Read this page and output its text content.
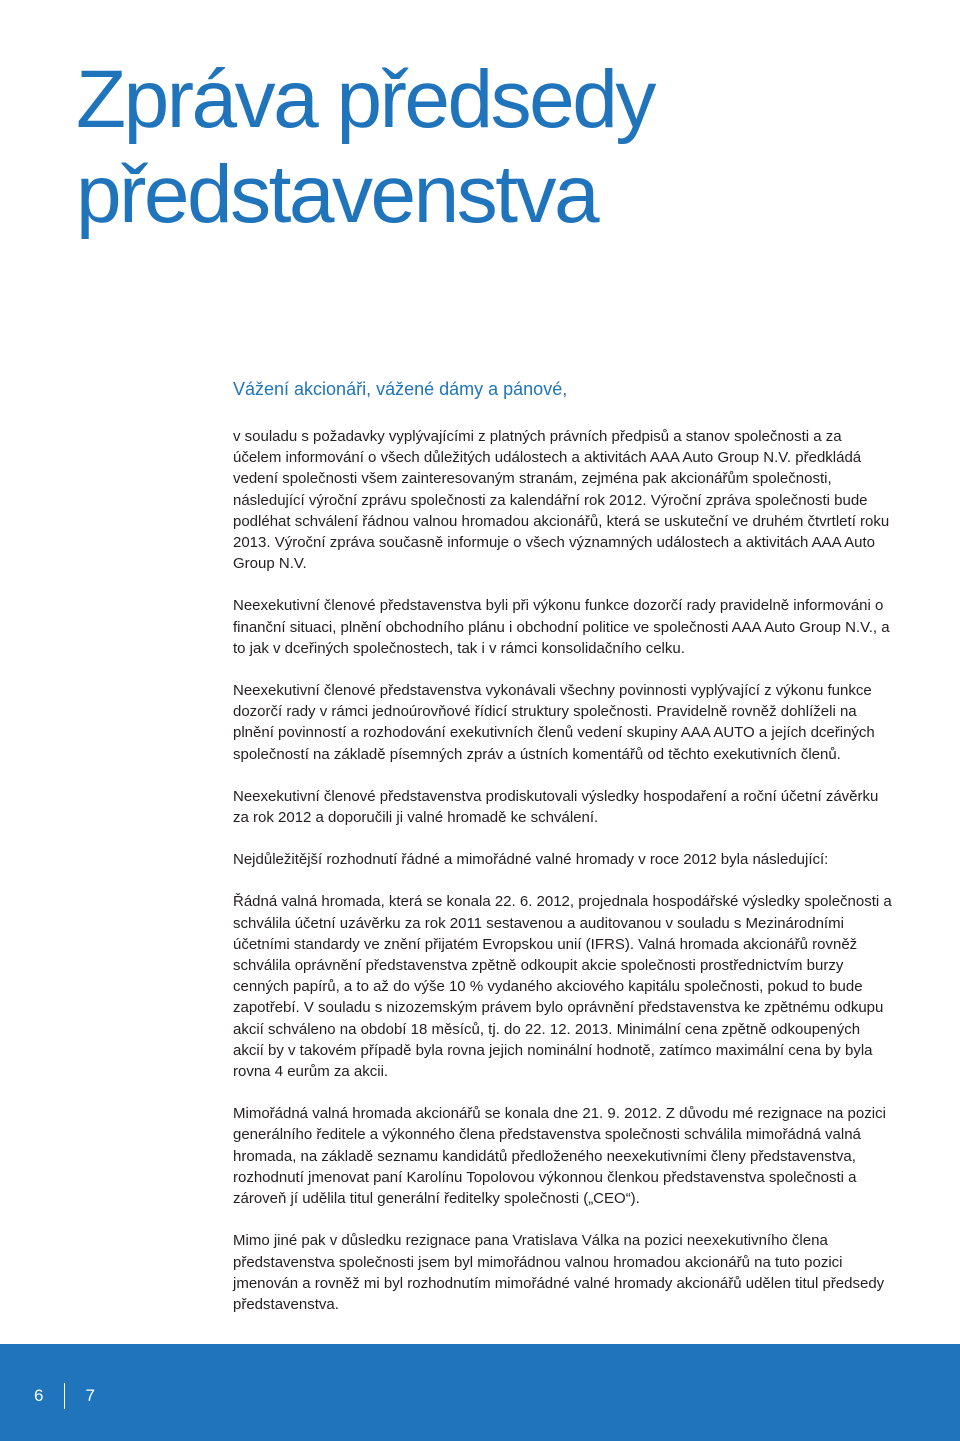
Zpráva předsedy
představenstva

Vážení akcionáři, vážené dámy a pánové,

v souladu s požadavky vyplývajícími z platných právních předpisů a stanov společnosti a za účelem informování o všech důležitých událostech a aktivitách AAA Auto Group N.V. předkládá vedení společnosti všem zainteresovaným stranám, zejména pak akcionářům společnosti, následující výroční zprávu společnosti za kalendářní rok 2012. Výroční zpráva společnosti bude podléhat schválení řádnou valnou hromadou akcionářů, která se uskuteční ve druhém čtvrtletí roku 2013. Výroční zpráva současně informuje o všech významných událostech a aktivitách AAA Auto Group N.V.

Neexekutivní členové představenstva byli při výkonu funkce dozorčí rady pravidelně informováni o finanční situaci, plnění obchodního plánu i obchodní politice ve společnosti AAA Auto Group N.V., a to jak v dceřiných společnostech, tak i v rámci konsolidačního celku.

Neexekutivní členové představenstva vykonávali všechny povinnosti vyplývající z výkonu funkce dozorčí rady v rámci jednoúrovňové řídicí struktury společnosti. Pravidelně rovněž dohlíželi na plnění povinností a rozhodování exekutivních členů vedení skupiny AAA AUTO a jejích dceřiných společností na základě písemných zpráv a ústních komentářů od těchto exekutivních členů.

Neexekutivní členové představenstva prodiskutovali výsledky hospodaření a roční účetní závěrku za rok 2012 a doporučili ji valné hromadě ke schválení.

Nejdůležitější rozhodnutí řádné a mimořádné valné hromady v roce 2012 byla následující:

Řádná valná hromada, která se konala 22. 6. 2012, projednala hospodářské výsledky společnosti a schválila účetní uzávěrku za rok 2011 sestavenou a auditovanou v souladu s Mezinárodními účetními standardy ve znění přijatém Evropskou unií (IFRS). Valná hromada akcionářů rovněž schválila oprávnění představenstva zpětně odkoupit akcie společnosti prostřednictvím burzy cenných papírů, a to až do výše 10 % vydaného akciového kapitálu společnosti, pokud to bude zapotřebí. V souladu s nizozemským právem bylo oprávnění představenstva ke zpětnému odkupu akcií schváleno na období 18 měsíců, tj. do 22. 12. 2013. Minimální cena zpětně odkoupených akcií by v takovém případě byla rovna jejich nominální hodnotě, zatímco maximální cena by byla rovna 4 eurům za akcii.

Mimořádná valná hromada akcionářů se konala dne 21. 9. 2012. Z důvodu mé rezignace na pozici generálního ředitele a výkonného člena představenstva společnosti schválila mimořádná valná hromada, na základě seznamu kandidátů předloženého neexekutivními členy představenstva, rozhodnutí jmenovat paní Karolínu Topolovou výkonnou členkou představenstva společnosti a zároveň jí udělila titul generální ředitelky společnosti („CEO“).

Mimo jiné pak v důsledku rezignace pana Vratislava Válka na pozici neexekutivního člena představenstva společnosti jsem byl mimořádnou valnou hromadou akcionářů na tuto pozici jmenován a rovněž mi byl rozhodnutím mimořádné valné hromady akcionářů udělen titul předsedy představenstva.

6 7
